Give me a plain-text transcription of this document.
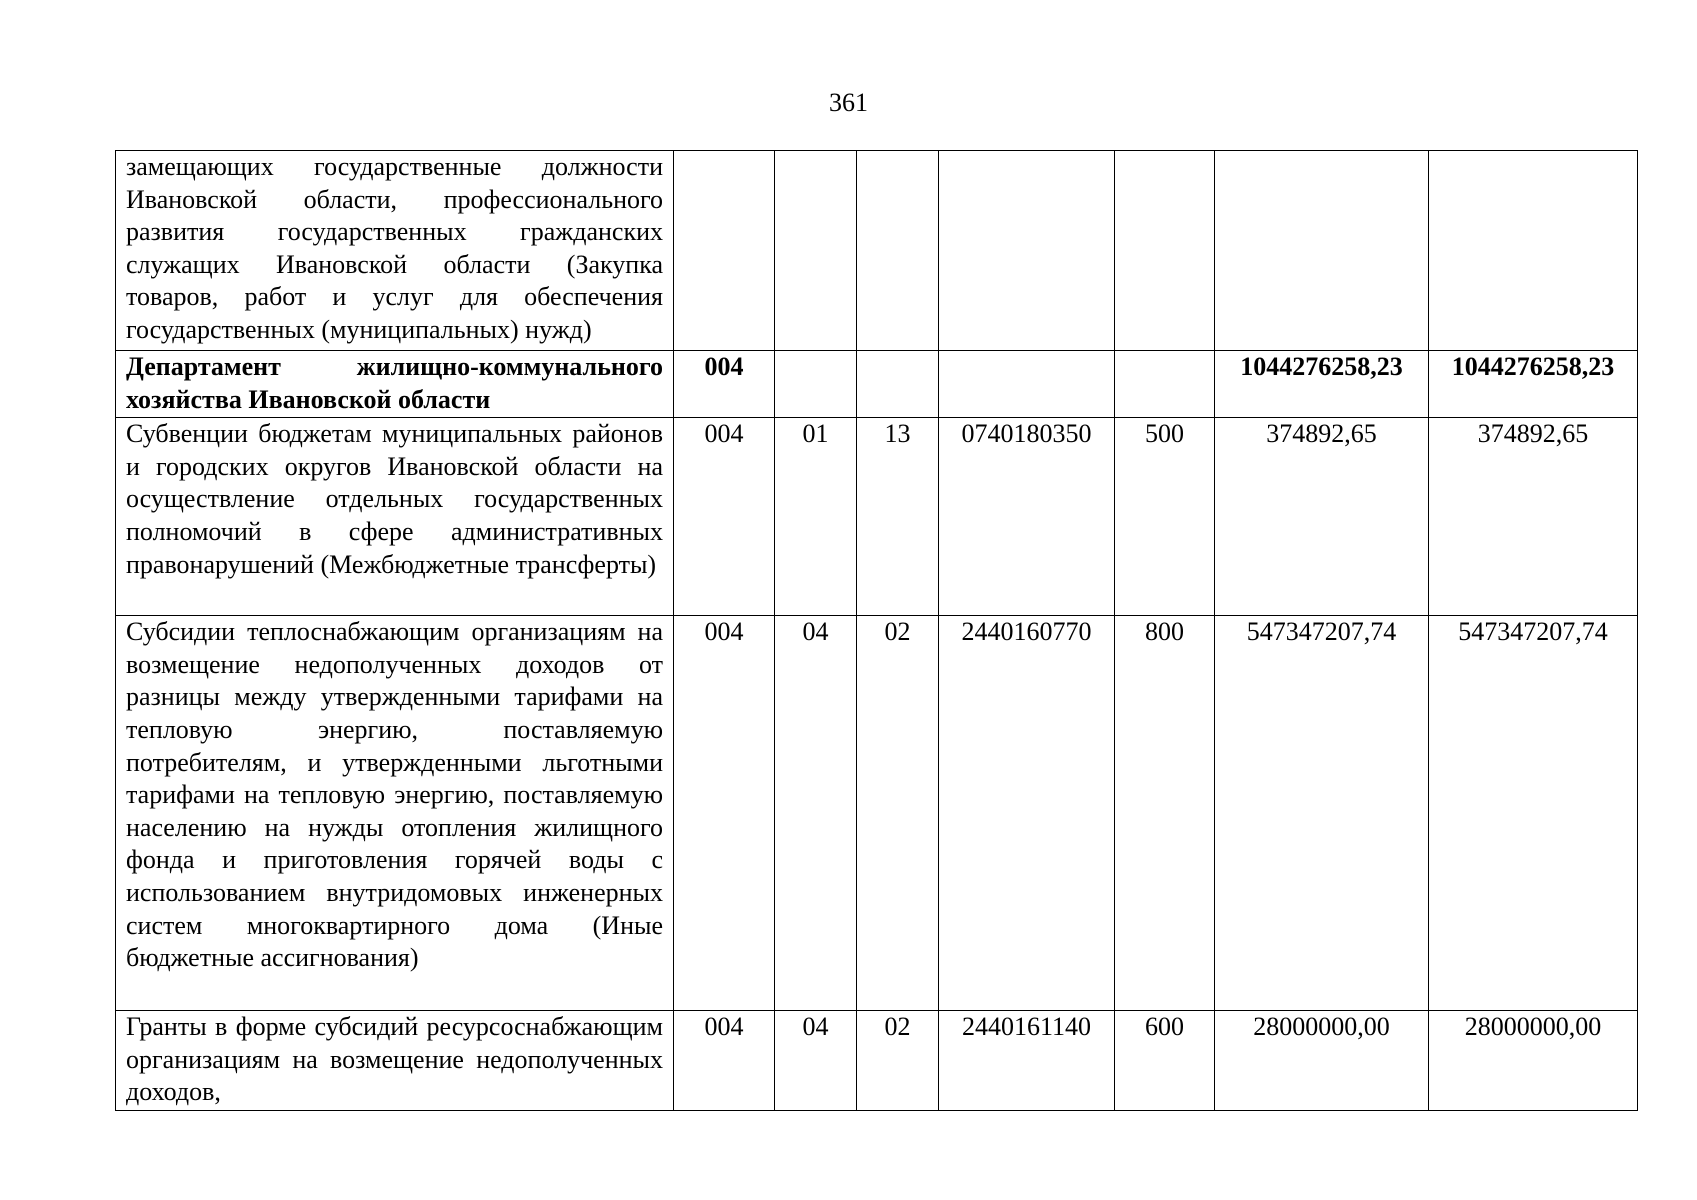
361
замещающих государственные должности Ивановской области, профессионального развития государственных гражданских служащих Ивановской области (Закупка товаров, работ и услуг для обеспечения государственных (муниципальных) нужд)							
Департамент жилищно-коммунального хозяйства Ивановской области	004					1044276258,23	1044276258,23
Субвенции бюджетам муниципальных районов и городских округов Ивановской области на осуществление отдельных государственных полномочий в сфере административных правонарушений (Межбюджетные трансферты)	004	01	13	0740180350	500	374892,65	374892,65
Субсидии теплоснабжающим организациям на возмещение недополученных доходов от разницы между утвержденными тарифами на тепловую энергию, поставляемую потребителям, и утвержденными льготными тарифами на тепловую энергию, поставляемую населению на нужды отопления жилищного фонда и приготовления горячей воды с использованием внутридомовых инженерных систем многоквартирного дома (Иные бюджетные ассигнования)	004	04	02	2440160770	800	547347207,74	547347207,74
Гранты в форме субсидий ресурсоснабжающим организациям на возмещение недополученных доходов,	004	04	02	2440161140	600	28000000,00	28000000,00
